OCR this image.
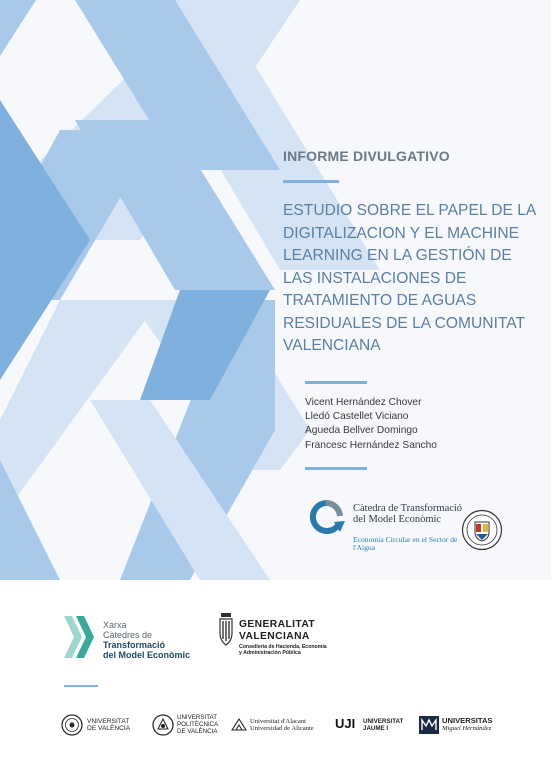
INFORME DIVULGATIVO
ESTUDIO SOBRE EL PAPEL DE LA DIGITALIZACION Y EL MACHINE LEARNING EN LA GESTIÓN DE LAS INSTALACIONES DE TRATAMIENTO DE AGUAS RESIDUALES DE LA COMUNITAT VALENCIANA
Vicent Hernández Chover
Lledó Castellet Viciano
Agueda Bellver Domingo
Francesc Hernández Sancho
Càtedra de Transformació del Model Econòmic
Economia Circular en el Sector de l'Aigua
Xarxa
Càtedres de
Transformació
del Model Econòmic
GENERALITAT
VALENCIANA
Conselleria de Hacienda, Economía
y Administración Pública
VNIVERSITAT
DE VALÈNCIA
UNIVERSITAT
POLITÈCNICA
DE VALÈNCIA
Universitat d'Alacant
Universidad de Alicante UJI UNIVERSITAT
JAUME I
UNIVERSITAS
Miguel Hernández
